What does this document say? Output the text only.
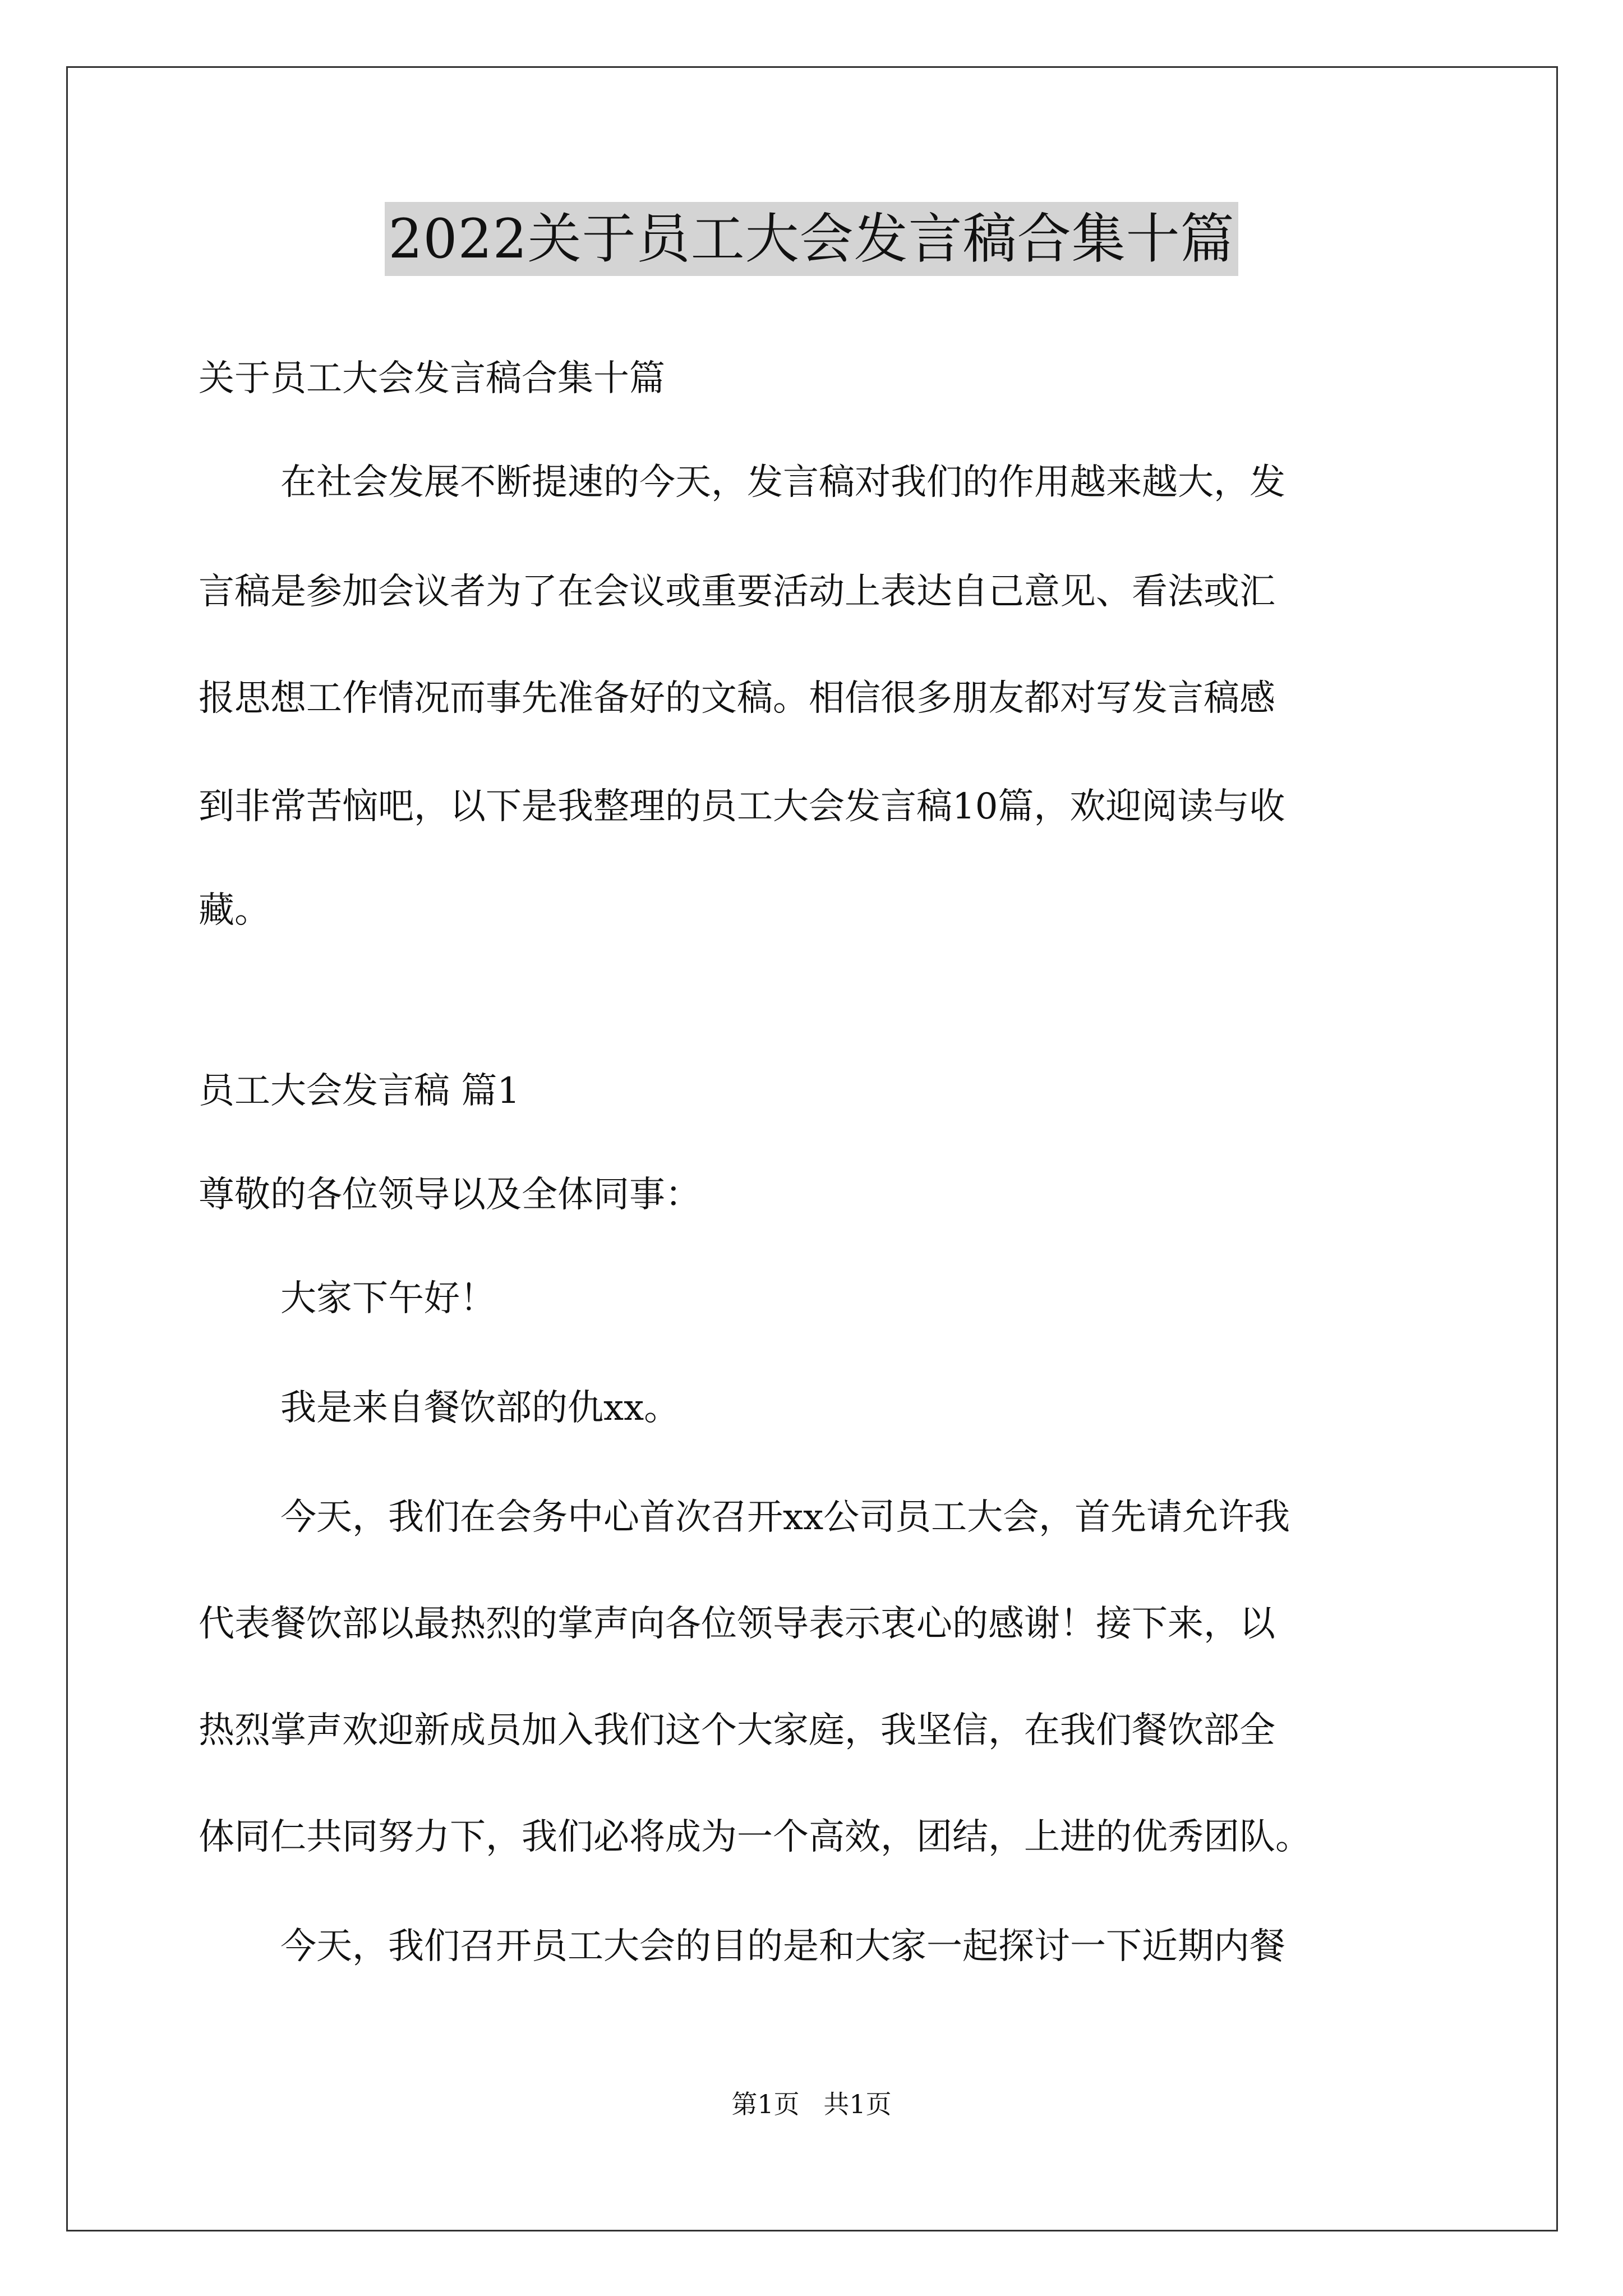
2022关于员工大会发言稿合集十篇
关于员工大会发言稿合集十篇
在社会发展不断提速的今天，发言稿对我们的作用越来越大，发
言稿是参加会议者为了在会议或重要活动上表达自己意见、看法或汇
报思想工作情况而事先准备好的文稿。相信很多朋友都对写发言稿感
到非常苦恼吧，以下是我整理的员工大会发言稿10篇，欢迎阅读与收
藏。
员工大会发言稿 篇1
尊敬的各位领导以及全体同事：
大家下午好！
我是来自餐饮部的仇xx。
今天，我们在会务中心首次召开xx公司员工大会，首先请允许我
代表餐饮部以最热烈的掌声向各位领导表示衷心的感谢！接下来，以
热烈掌声欢迎新成员加入我们这个大家庭，我坚信，在我们餐饮部全
体同仁共同努力下，我们必将成为一个高效，团结，上进的优秀团队。
今天，我们召开员工大会的目的是和大家一起探讨一下近期内餐
第1页 共1页
